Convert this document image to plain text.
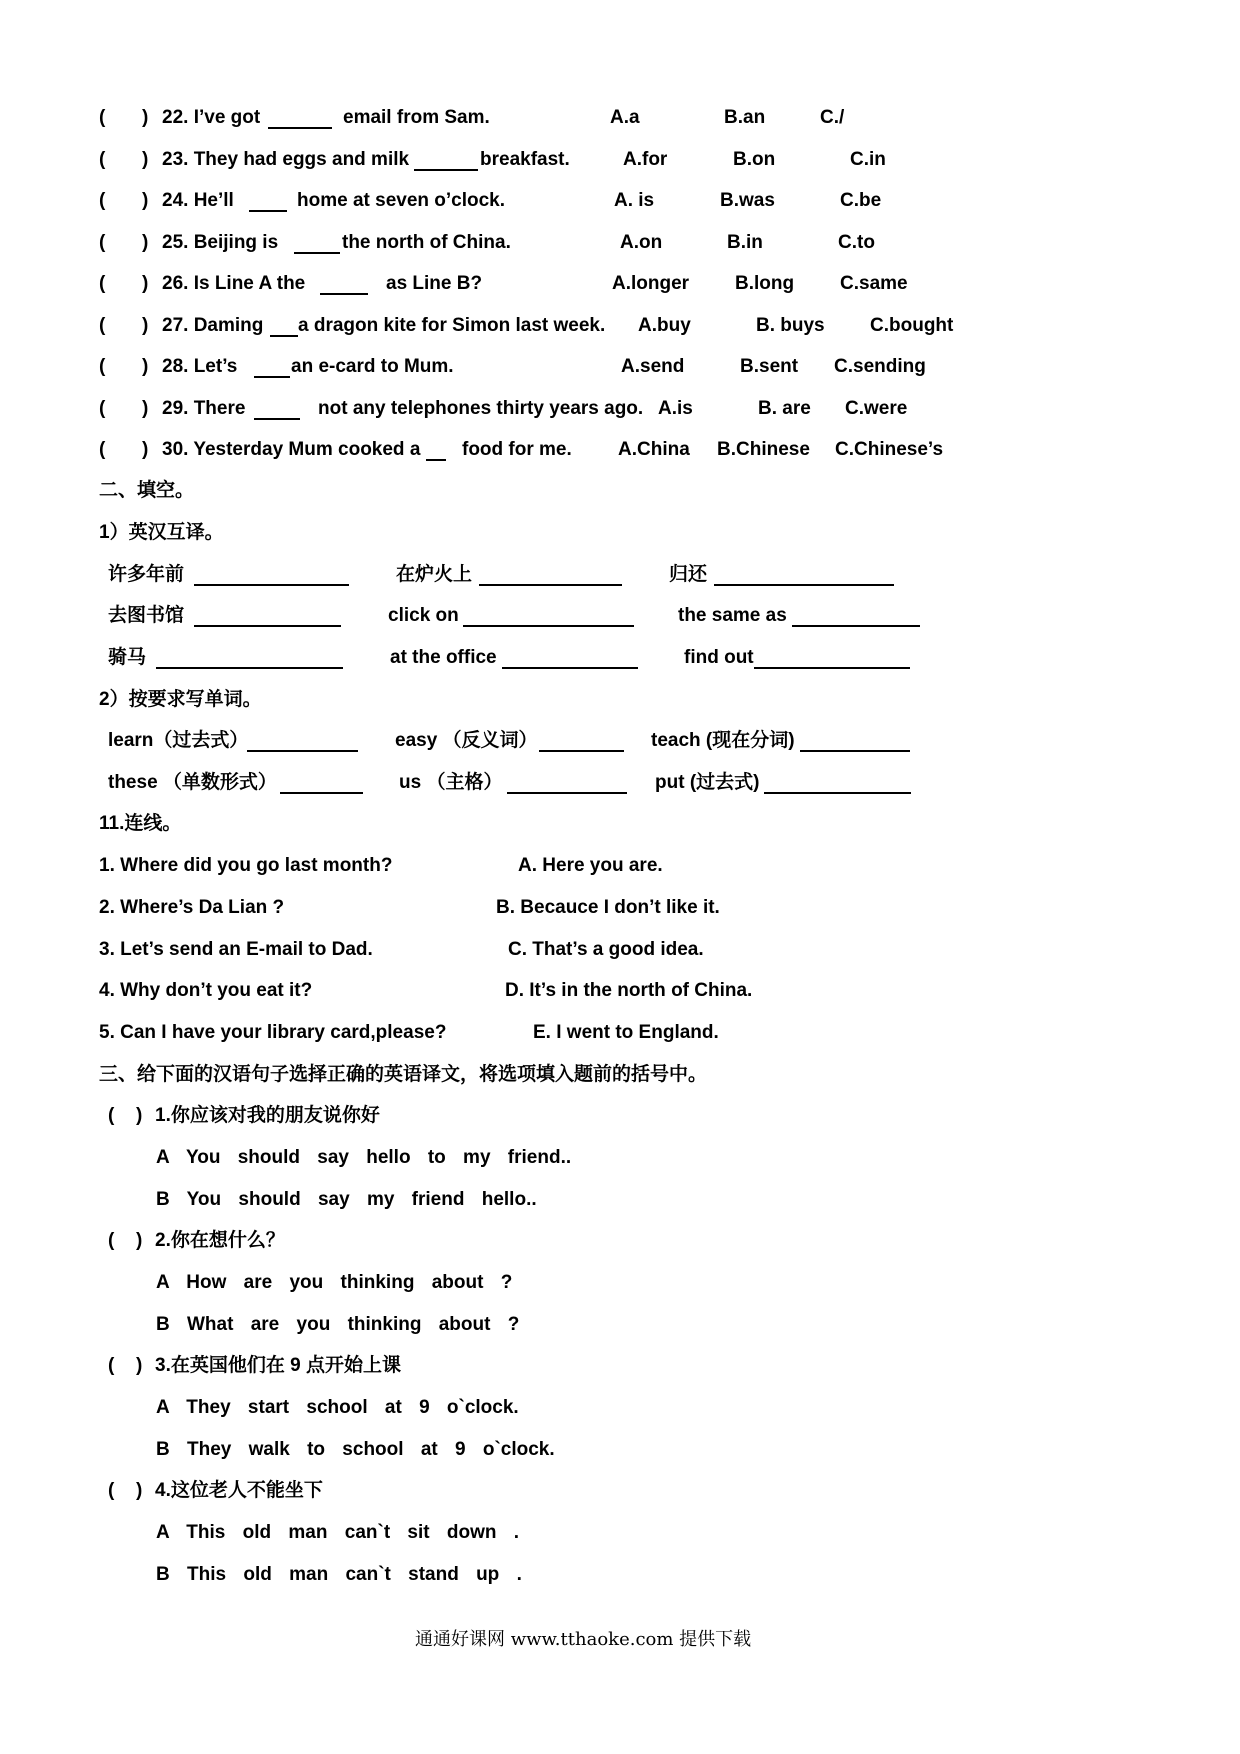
( ) 22. I’ve got	email from Sam.	A.a	B.an	C./
( ) 23. They had eggs and milk	breakfast.	A.for	B.on	C.in
( ) 24. He’ll	home at seven o’clock.	A. is	B.was	C.be
( ) 25. Beijing is	the north of China.	A.on	B.in	C.to
( ) 26. Is Line A the	as Line B?	A.longer B.long C.same
( ) 27. Daming a dragon kite for Simon last week. A.buy	B. buys C.bought
( ) 28. Let’s	an e-card to Mum.	A.send	B.sent C.sending
( ) 29. There	not any telephones thirty years ago. A.is	B. are C.were
( ) 30. Yesterday Mum cooked a food for me. A.China B.Chinese C.Chinese’s
二、填空。
1）英汉互译。
许多年前	在炉火上	归还
去图书馆	click on	the same as
骑马	at the office	find out
2）按要求写单词。
learn（过去式）	easy （反义词）	teach (现在分词)
these （单数形式）	us （主格）	put (过去式)
11.连线。
1. Where did you go last month?	A. Here you are.
2. Where’s Da Lian ?	B. Becauce I don’t like it.
3. Let’s send an E-mail to Dad.	C. That’s a good idea.
4. Why don’t you eat it?	D. It’s in the north of China.
5. Can I have your library card,please?	E. I went to England.
三、给下面的汉语句子选择正确的英语译文，将选项填入题前的括号中。
( ) 1.你应该对我的朋友说你好
A You should say hello to my friend..
B You should say my friend hello..
( ) 2.你在想什么？
A How are you thinking about ?
B What are you thinking about ?
( ) 3.在英国他们在 9 点开始上课
A They start school at 9 o`clock.
B They walk to school at 9 o`clock.
( ) 4.这位老人不能坐下
A This old man can`t sit down .
B This old man can`t stand up .
通通好课网 www.tthaoke.com 提供下载
